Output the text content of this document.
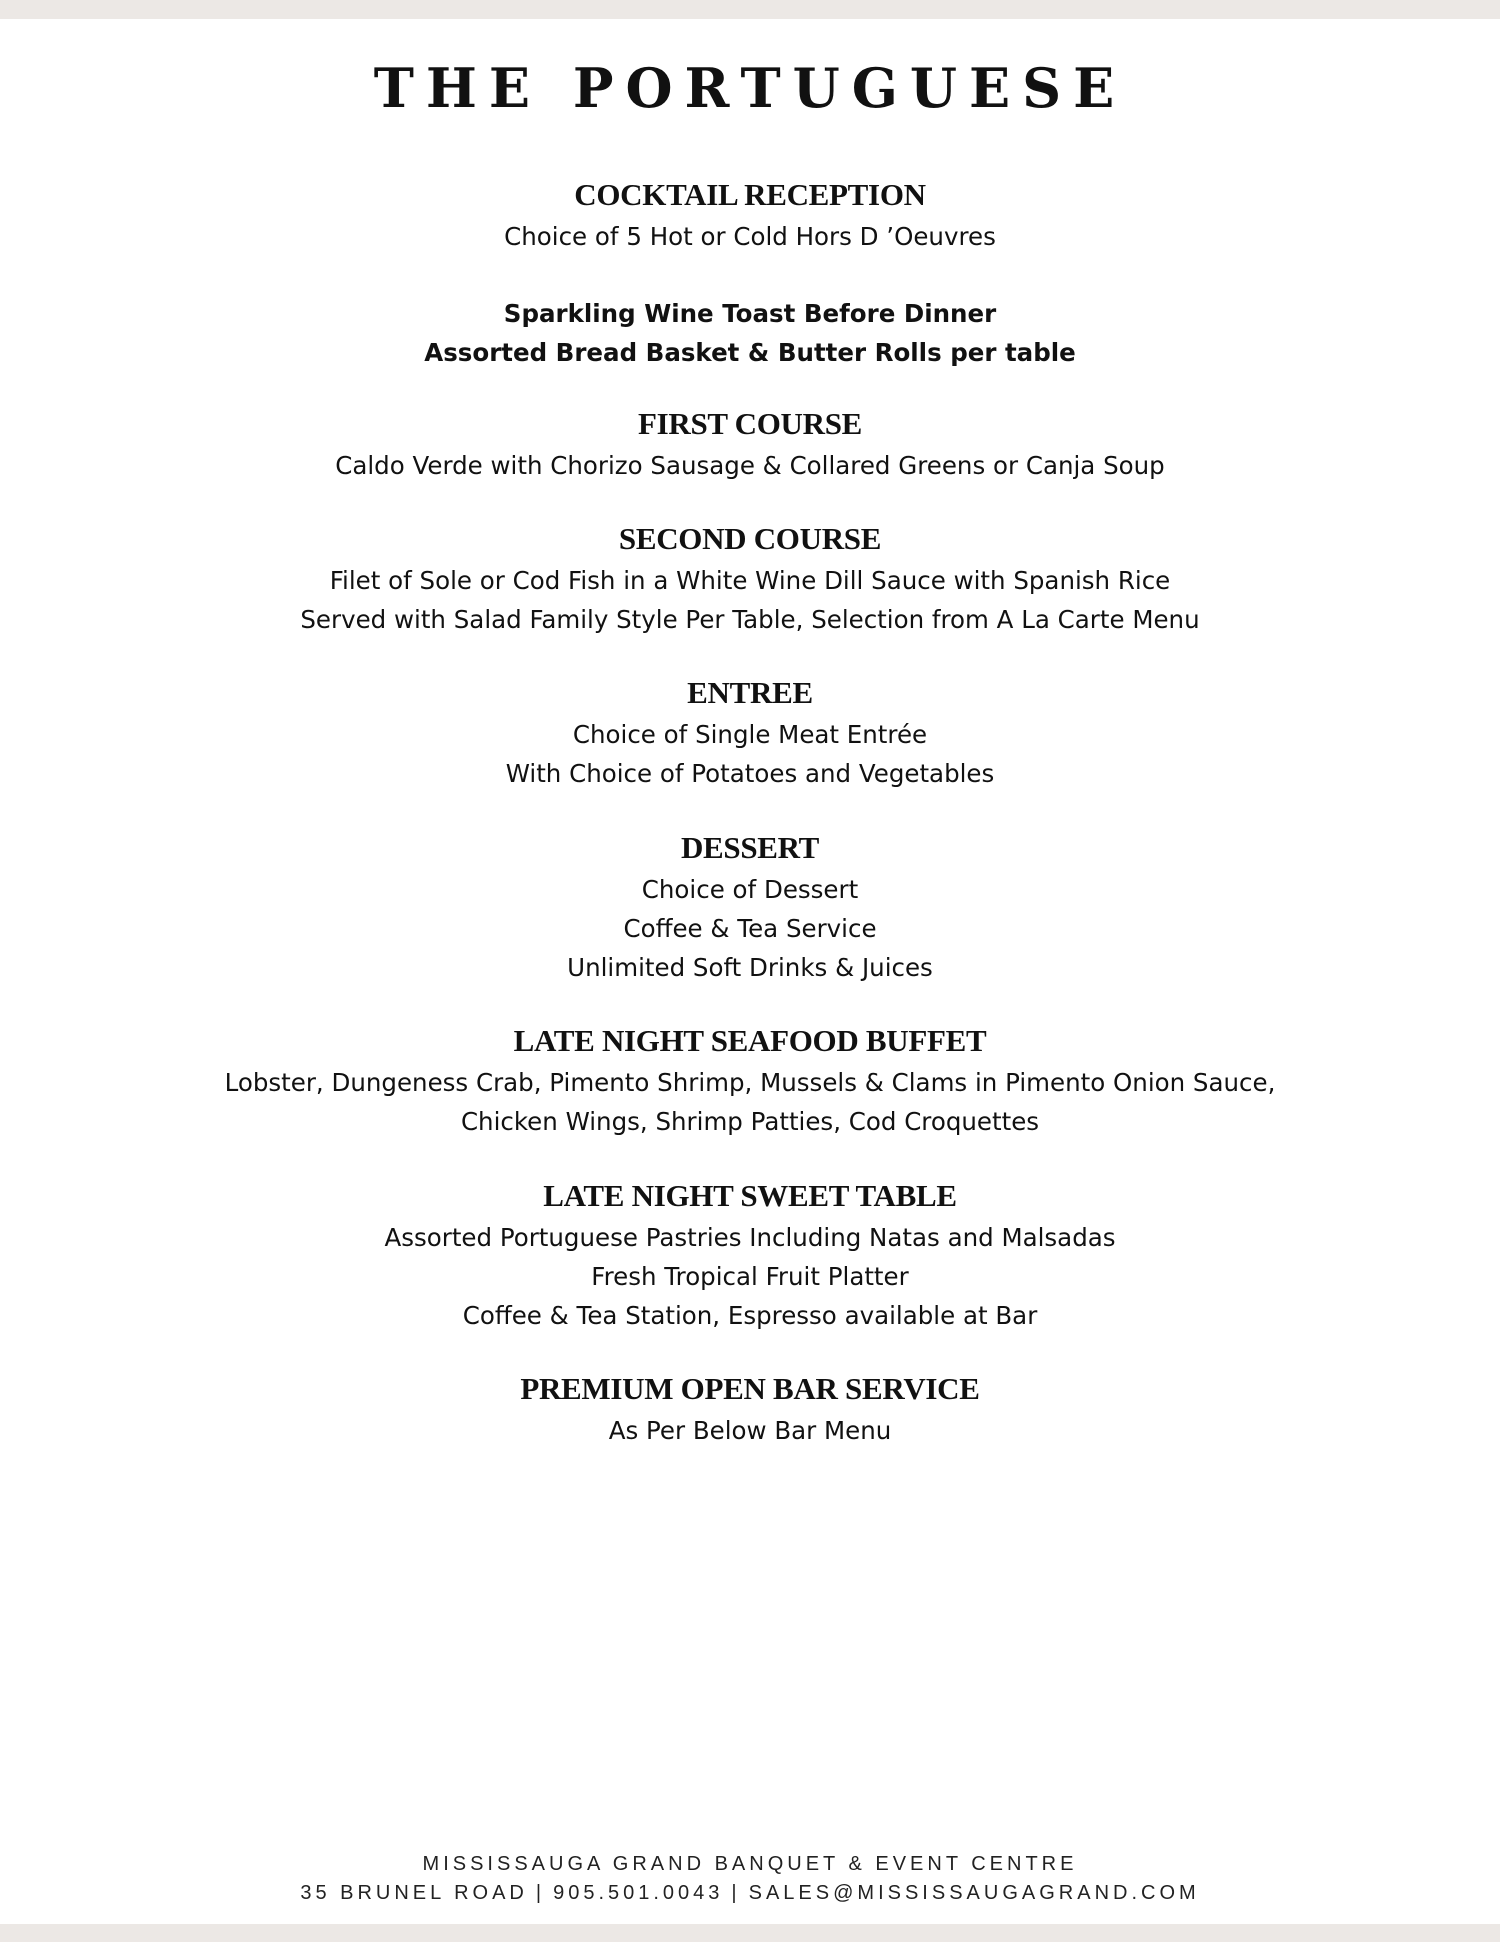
THE PORTUGUESE
COCKTAIL RECEPTION
Choice of 5 Hot or Cold Hors D ’Oeuvres
Sparkling Wine Toast Before Dinner
Assorted Bread Basket & Butter Rolls per table
FIRST COURSE
Caldo Verde with Chorizo Sausage & Collared Greens or Canja Soup
SECOND COURSE
Filet of Sole or Cod Fish in a White Wine Dill Sauce with Spanish Rice
Served with Salad Family Style Per Table, Selection from A La Carte Menu
ENTREE
Choice of Single Meat Entrée
With Choice of Potatoes and Vegetables
DESSERT
Choice of Dessert
Coffee & Tea Service
Unlimited Soft Drinks & Juices
LATE NIGHT SEAFOOD BUFFET
Lobster, Dungeness Crab, Pimento Shrimp, Mussels & Clams in Pimento Onion Sauce,
Chicken Wings, Shrimp Patties, Cod Croquettes
LATE NIGHT SWEET TABLE
Assorted Portuguese Pastries Including Natas and Malsadas
Fresh Tropical Fruit Platter
Coffee & Tea Station, Espresso available at Bar
PREMIUM OPEN BAR SERVICE
As Per Below Bar Menu
MISSISSAUGA GRAND BANQUET & EVENT CENTRE
35 BRUNEL ROAD | 905.501.0043 | SALES@MISSISSAUGAGRAND.COM
